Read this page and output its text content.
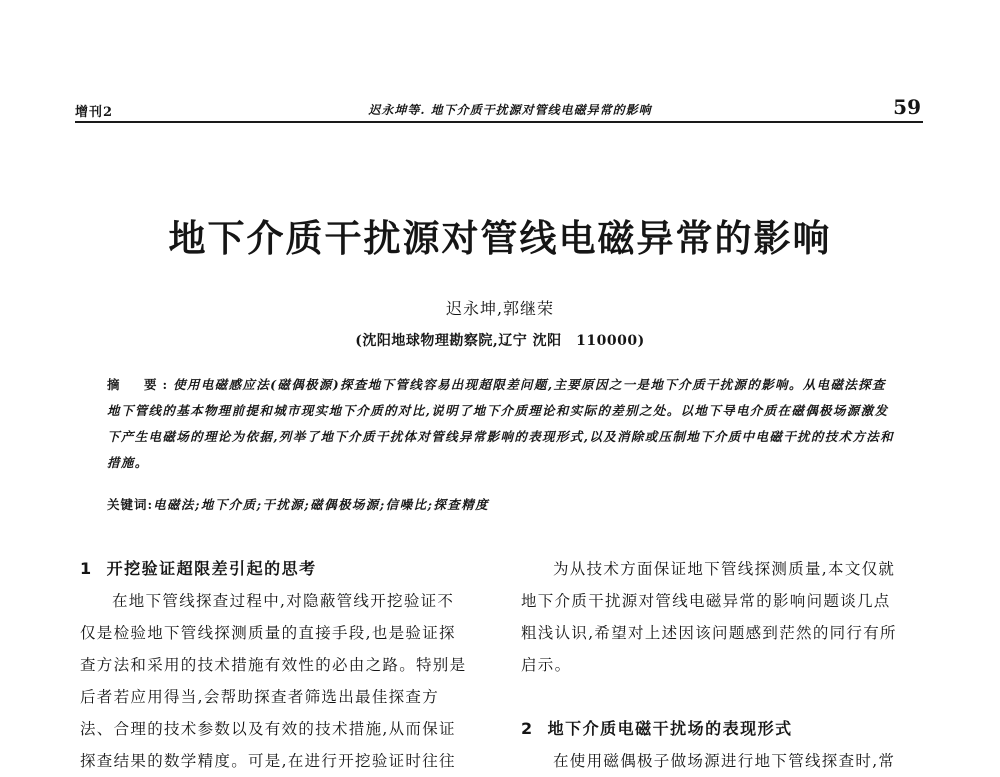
增刊2	迟永坤等. 地下介质干扰源对管线电磁异常的影响	59
地下介质干扰源对管线电磁异常的影响
迟永坤,郭继荣
(沈阳地球物理勘察院,辽宁 沈阳　110000)
摘　要:使用电磁感应法(磁偶极源)探查地下管线容易出现超限差问题,主要原因之一是地下介质干扰源的影响。从电磁法探查地下管线的基本物理前提和城市现实地下介质的对比,说明了地下介质理论和实际的差别之处。以地下导电介质在磁偶极场源激发下产生电磁场的理论为依据,列举了地下介质干扰体对管线异常影响的表现形式,以及消除或压制地下介质中电磁干扰的技术方法和措施。
关键词:电磁法;地下介质;干扰源;磁偶极场源;信噪比;探查精度
1 开挖验证超限差引起的思考
在地下管线探查过程中,对隐蔽管线开挖验证不
仅是检验地下管线探测质量的直接手段,也是验证探
查方法和采用的技术措施有效性的必由之路。特别是
后者若应用得当,会帮助探查者筛选出最佳探查方
法、合理的技术参数以及有效的技术措施,从而保证
探查结果的数学精度。可是,在进行开挖验证时往往
为从技术方面保证地下管线探测质量,本文仅就
地下介质干扰源对管线电磁异常的影响问题谈几点
粗浅认识,希望对上述因该问题感到茫然的同行有所
启示。
2 地下介质电磁干扰场的表现形式
在使用磁偶极子做场源进行地下管线探查时,常
